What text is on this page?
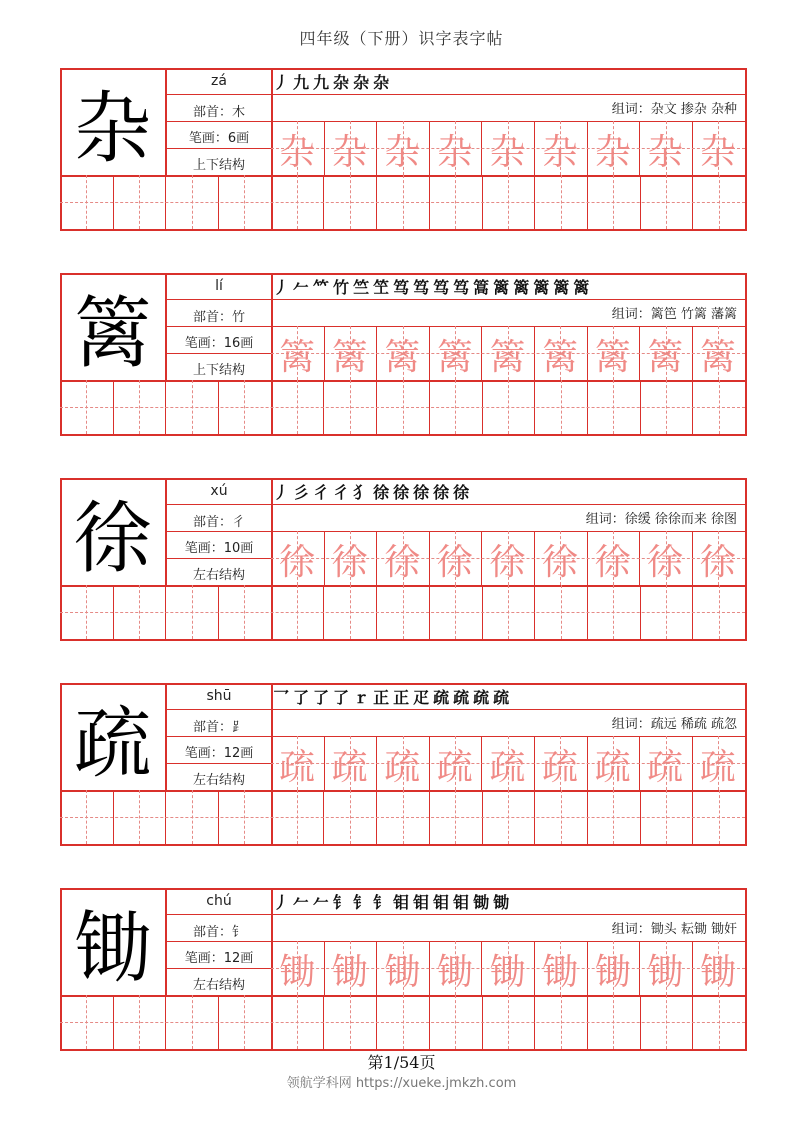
四年级（下册）识字表字帖
杂
zá
部首：木
笔画：6画
上下结构
丿 九 九 杂 杂 杂
组词：杂文 掺杂 杂种
杂 杂 杂 杂 杂 杂 杂 杂 杂
篱
lí
部首：竹
笔画：16画
上下结构
丿 𠂉 𥫗 竹 竺 笁 笃 笃 笃 笃 篙 篱 篱 篱 篱 篱
组词：篱笆 竹篱 藩篱
篱 篱 篱 篱 篱 篱 篱 篱 篱
徐
xú
部首：彳
笔画：10画
左右结构
丿 彡 彳 彳 犭 徐 徐 徐 徐 徐
组词：徐缓 徐徐而来 徐图
徐 徐 徐 徐 徐 徐 徐 徐 徐
疏
shū
部首：⻊
笔画：12画
左右结构
乛 了 了 了 ｒ 正 正 疋 疏 疏 疏 疏
组词：疏远 稀疏 疏忽
疏 疏 疏 疏 疏 疏 疏 疏 疏
锄
chú
部首：钅
笔画：12画
左右结构
丿 𠂉 𠂉 钅 钅 钅 钼 钼 钼 钼 锄 锄
组词：锄头 耘锄 锄奸
锄 锄 锄 锄 锄 锄 锄 锄 锄
第1/54页
领航学科网 https://xueke.jmkzh.com
